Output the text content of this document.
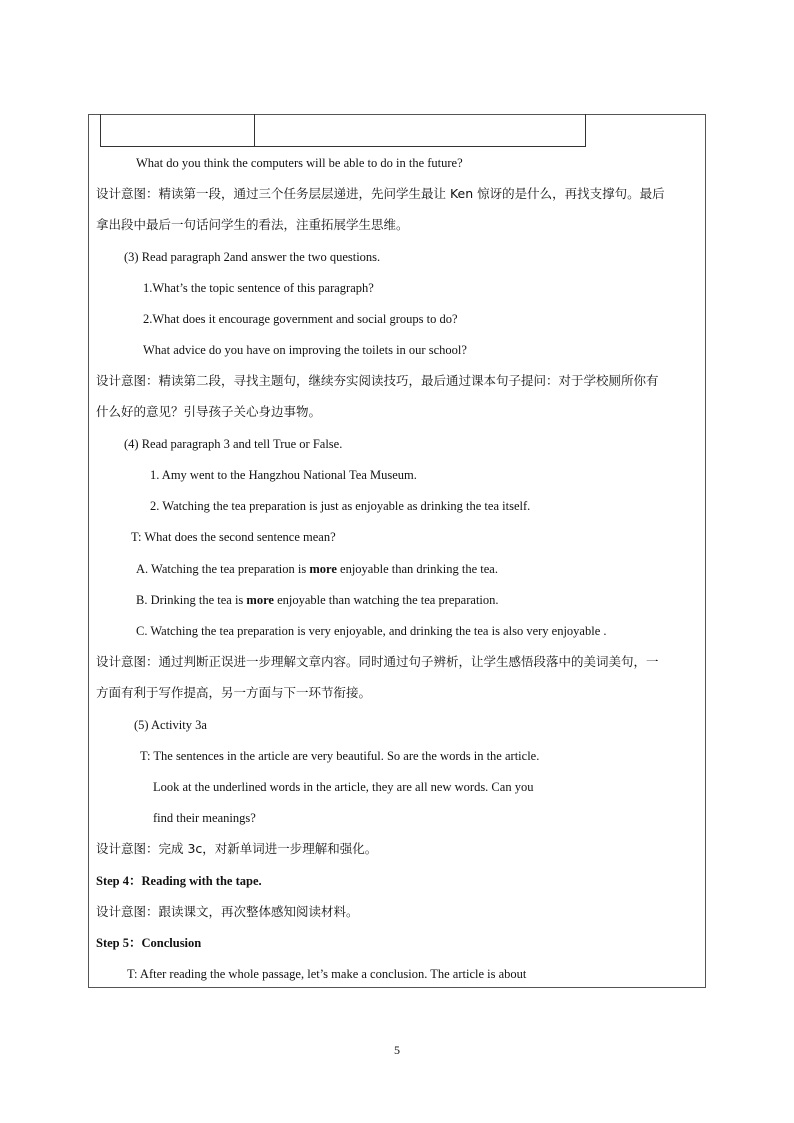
What do you think the computers will be able to do in the future?
设计意图：精读第一段，通过三个任务层层递进，先问学生最让 Ken 惊讶的是什么，再找支撑句。最后
拿出段中最后一句话问学生的看法，注重拓展学生思维。
(3) Read paragraph 2and answer the two questions.
1.What’s the topic sentence of this paragraph?
2.What does it encourage government and social groups to do?
What advice do you have on improving the toilets in our school?
设计意图：精读第二段，寻找主题句，继续夯实阅读技巧，最后通过课本句子提问：对于学校厕所你有
什么好的意见？引导孩子关心身边事物。
(4) Read paragraph 3 and tell True or False.
1. Amy went to the Hangzhou National Tea Museum.
2. Watching the tea preparation is just as enjoyable as drinking the tea itself.
T: What does the second sentence mean?
A. Watching the tea preparation is more enjoyable than drinking the tea.
B. Drinking the tea is more enjoyable than watching the tea preparation.
C. Watching the tea preparation is very enjoyable, and drinking the tea is also very enjoyable .
设计意图：通过判断正误进一步理解文章内容。同时通过句子辨析，让学生感悟段落中的美词美句，一
方面有利于写作提高，另一方面与下一环节衔接。
(5) Activity 3a
T: The sentences in the article are very beautiful. So are the words in the article.
Look at the underlined words in the article, they are all new words. Can you
find their meanings?
设计意图：完成 3c，对新单词进一步理解和强化。
Step 4：Reading with the tape.
设计意图：跟读课文，再次整体感知阅读材料。
Step 5：Conclusion
T: After reading the whole passage, let’s make a conclusion. The article is about
5
